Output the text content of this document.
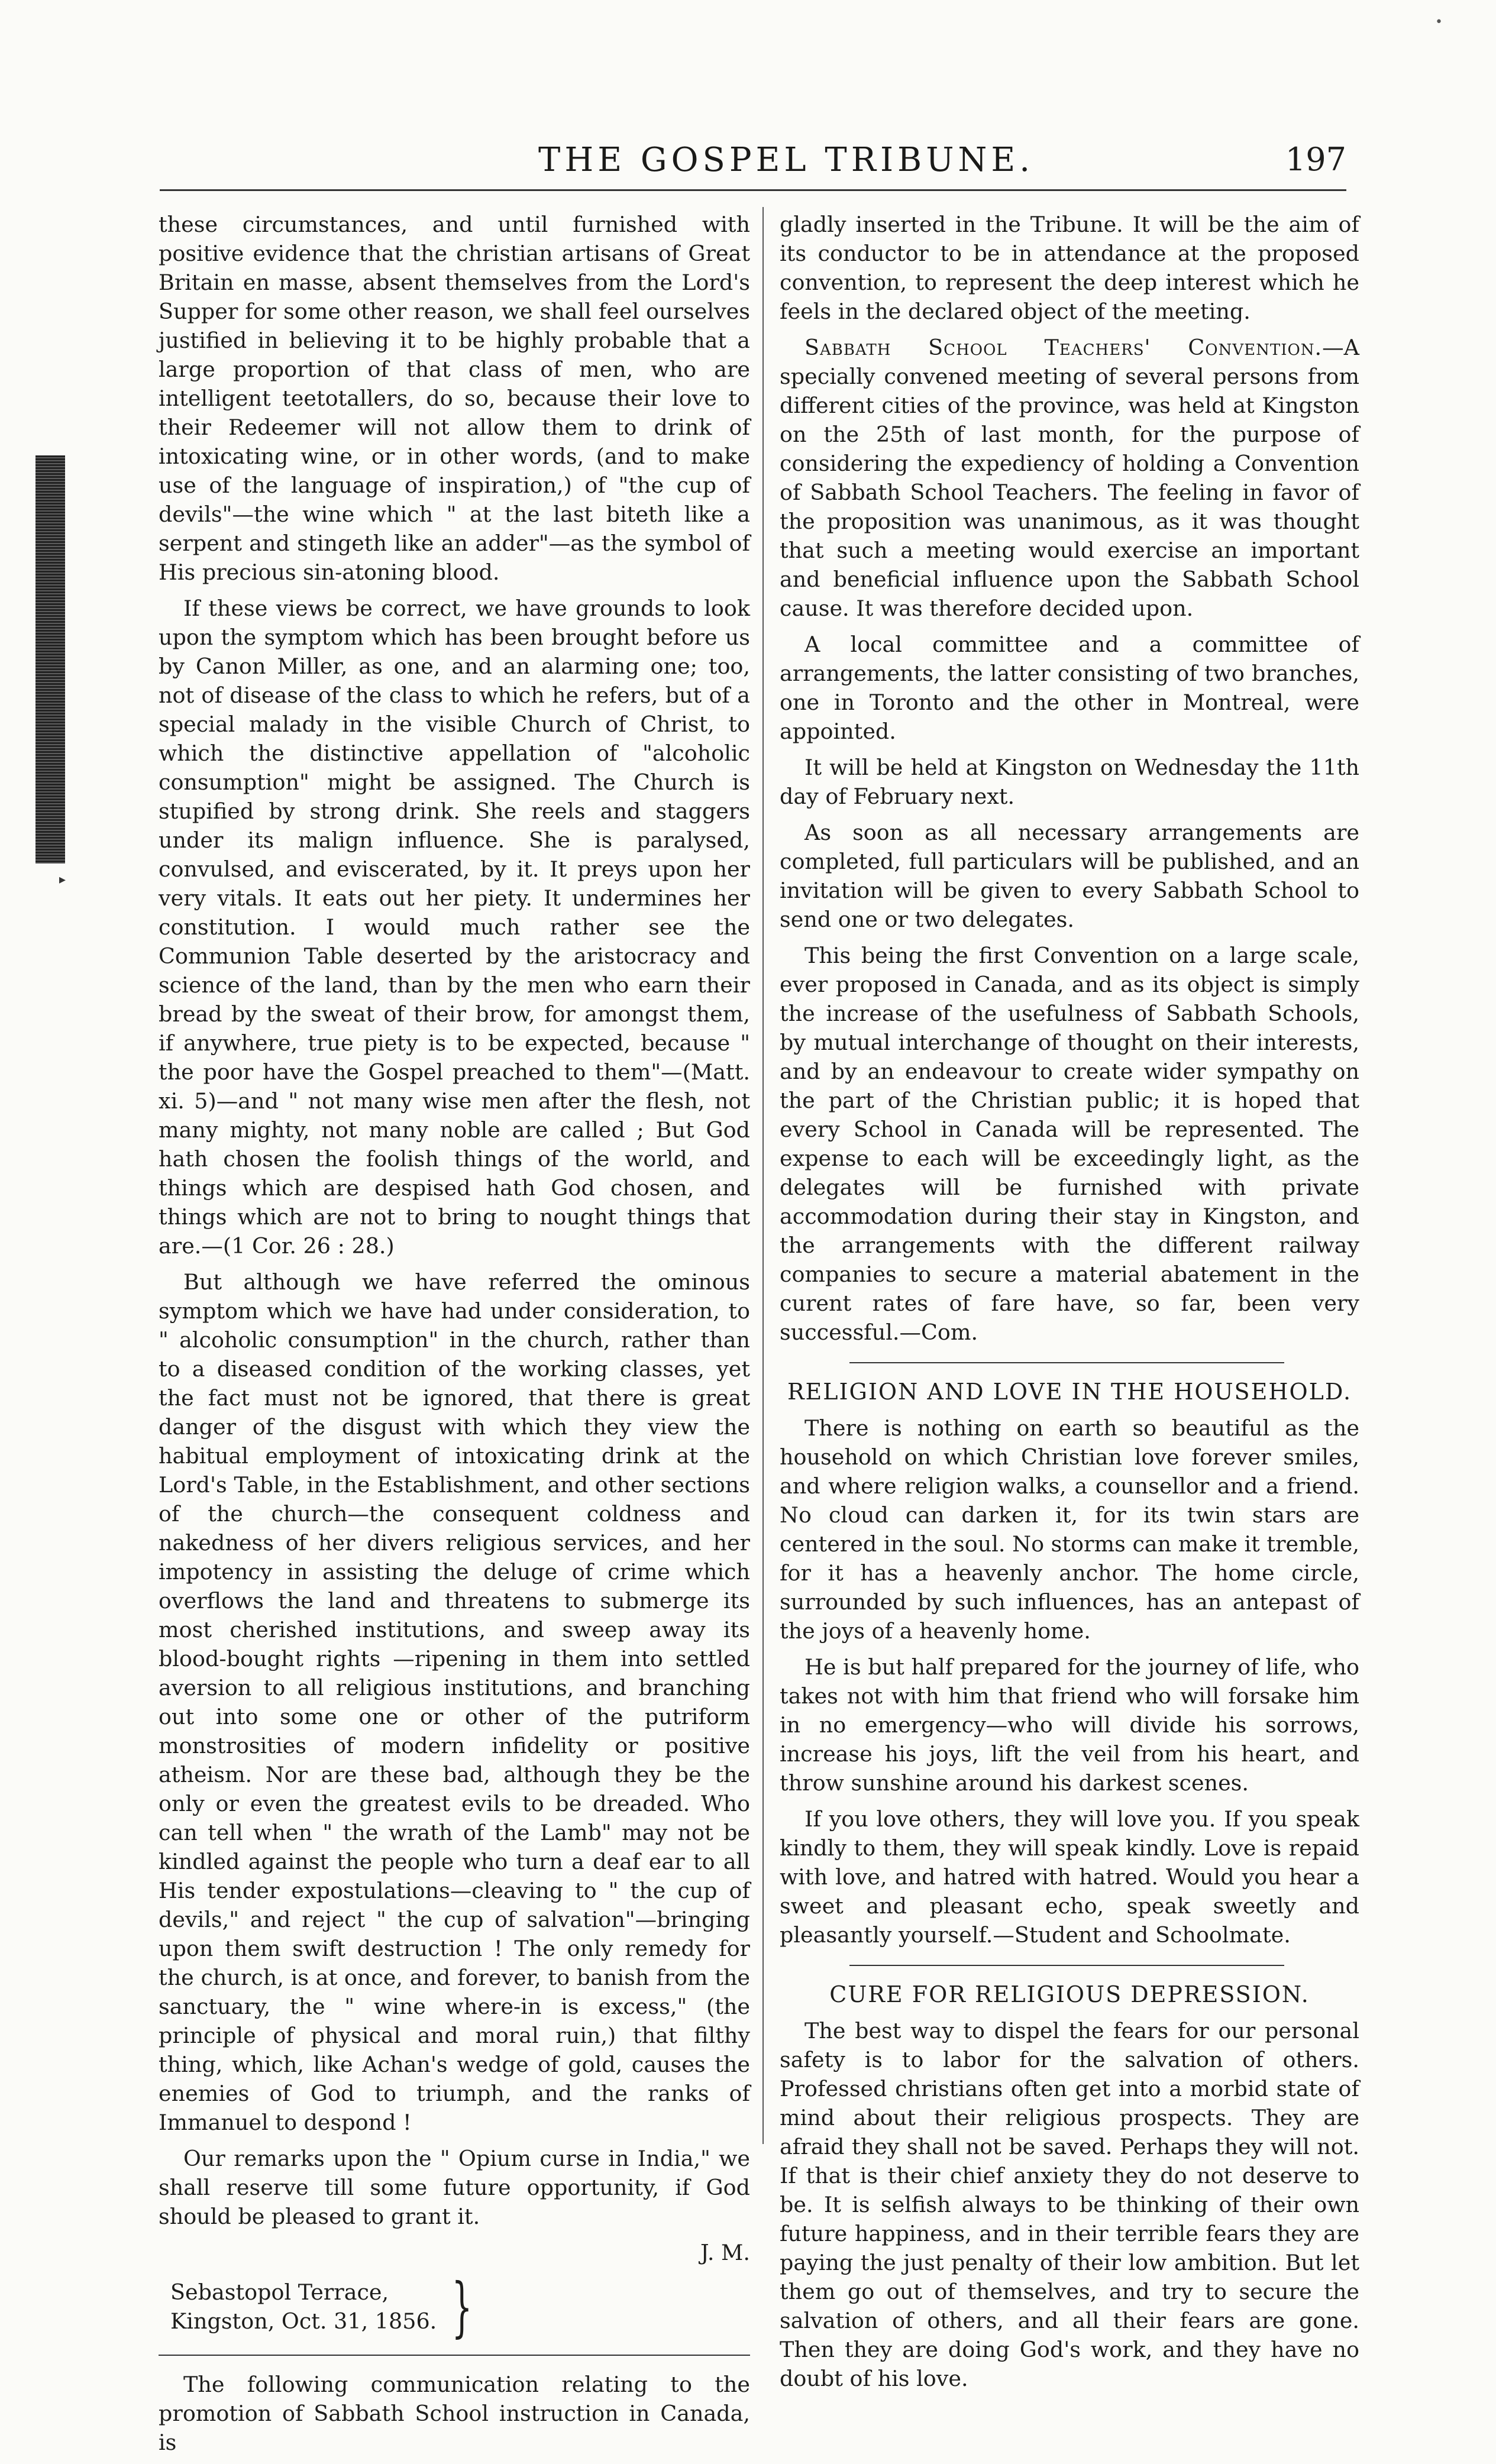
•
THE GOSPEL TRIBUNE.	197
▸

these circumstances, and until furnished with positive evidence that the christian artisans of Great Britain en masse, absent themselves from the Lord's Supper for some other reason, we shall feel ourselves justified in believing it to be highly probable that a large proportion of that class of men, who are intelligent teetotallers, do so, because their love to their Redeemer will not allow them to drink of intoxicating wine, or in other words, (and to make use of the language of inspiration,) of "the cup of devils"—the wine which " at the last biteth like a serpent and stingeth like an adder"—as the symbol of His precious sin-atoning blood.

If these views be correct, we have grounds to look upon the symptom which has been brought before us by Canon Miller, as one, and an alarming one; too, not of disease of the class to which he refers, but of a special malady in the visible Church of Christ, to which the distinctive appellation of "alcoholic consumption" might be assigned. The Church is stupified by strong drink. She reels and staggers under its malign influence. She is paralysed, convulsed, and eviscerated, by it. It preys upon her very vitals. It eats out her piety. It undermines her constitution. I would much rather see the Communion Table deserted by the aristocracy and science of the land, than by the men who earn their bread by the sweat of their brow, for amongst them, if anywhere, true piety is to be expected, because " the poor have the Gospel preached to them"—(Matt. xi. 5)—and " not many wise men after the flesh, not many mighty, not many noble are called ; But God hath chosen the foolish things of the world, and things which are despised hath God chosen, and things which are not to bring to nought things that are.—(1 Cor. 26 : 28.)

But although we have referred the ominous symptom which we have had under consideration, to " alcoholic consumption" in the church, rather than to a diseased condition of the working classes, yet the fact must not be ignored, that there is great danger of the disgust with which they view the habitual employment of intoxicating drink at the Lord's Table, in the Establishment, and other sections of the church—the consequent coldness and nakedness of her divers religious services, and her impotency in assisting the deluge of crime which overflows the land and threatens to submerge its most cherished institutions, and sweep away its blood-bought rights —ripening in them into settled aversion to all religious institutions, and branching out into some one or other of the putriform monstrosities of modern infidelity or positive atheism. Nor are these bad, although they be the only or even the greatest evils to be dreaded. Who can tell when " the wrath of the Lamb" may not be kindled against the people who turn a deaf ear to all His tender expostulations—cleaving to " the cup of devils," and reject " the cup of salvation"—bringing upon them swift destruction ! The only remedy for the church, is at once, and forever, to banish from the sanctuary, the " wine where-in is excess," (the principle of physical and moral ruin,) that filthy thing, which, like Achan's wedge of gold, causes the enemies of God to triumph, and the ranks of Immanuel to despond !

Our remarks upon the " Opium curse in India," we shall reserve till some future opportunity, if God should be pleased to grant it.

J. M.

Sebastopol Terrace,
Kingston, Oct. 31, 1856. }

The following communication relating to the promotion of Sabbath School instruction in Canada, is

gladly inserted in the Tribune. It will be the aim of its conductor to be in attendance at the proposed convention, to represent the deep interest which he feels in the declared object of the meeting.

Sabbath School Teachers' Convention.—A specially convened meeting of several persons from different cities of the province, was held at Kingston on the 25th of last month, for the purpose of considering the expediency of holding a Convention of Sabbath School Teachers. The feeling in favor of the proposition was unanimous, as it was thought that such a meeting would exercise an important and beneficial influence upon the Sabbath School cause. It was therefore decided upon.

A local committee and a committee of arrangements, the latter consisting of two branches, one in Toronto and the other in Montreal, were appointed.

It will be held at Kingston on Wednesday the 11th day of February next.

As soon as all necessary arrangements are completed, full particulars will be published, and an invitation will be given to every Sabbath School to send one or two delegates.

This being the first Convention on a large scale, ever proposed in Canada, and as its object is simply the increase of the usefulness of Sabbath Schools, by mutual interchange of thought on their interests, and by an endeavour to create wider sympathy on the part of the Christian public; it is hoped that every School in Canada will be represented. The expense to each will be exceedingly light, as the delegates will be furnished with private accommodation during their stay in Kingston, and the arrangements with the different railway companies to secure a material abatement in the curent rates of fare have, so far, been very successful.—Com.

RELIGION AND LOVE IN THE HOUSEHOLD.

There is nothing on earth so beautiful as the household on which Christian love forever smiles, and where religion walks, a counsellor and a friend. No cloud can darken it, for its twin stars are centered in the soul. No storms can make it tremble, for it has a heavenly anchor. The home circle, surrounded by such influences, has an antepast of the joys of a heavenly home.

He is but half prepared for the journey of life, who takes not with him that friend who will forsake him in no emergency—who will divide his sorrows, increase his joys, lift the veil from his heart, and throw sunshine around his darkest scenes.

If you love others, they will love you. If you speak kindly to them, they will speak kindly. Love is repaid with love, and hatred with hatred. Would you hear a sweet and pleasant echo, speak sweetly and pleasantly yourself.—Student and Schoolmate.

CURE FOR RELIGIOUS DEPRESSION.

The best way to dispel the fears for our personal safety is to labor for the salvation of others. Professed christians often get into a morbid state of mind about their religious prospects. They are afraid they shall not be saved. Perhaps they will not. If that is their chief anxiety they do not deserve to be. It is selfish always to be thinking of their own future happiness, and in their terrible fears they are paying the just penalty of their low ambition. But let them go out of themselves, and try to secure the salvation of others, and all their fears are gone. Then they are doing God's work, and they have no doubt of his love.
